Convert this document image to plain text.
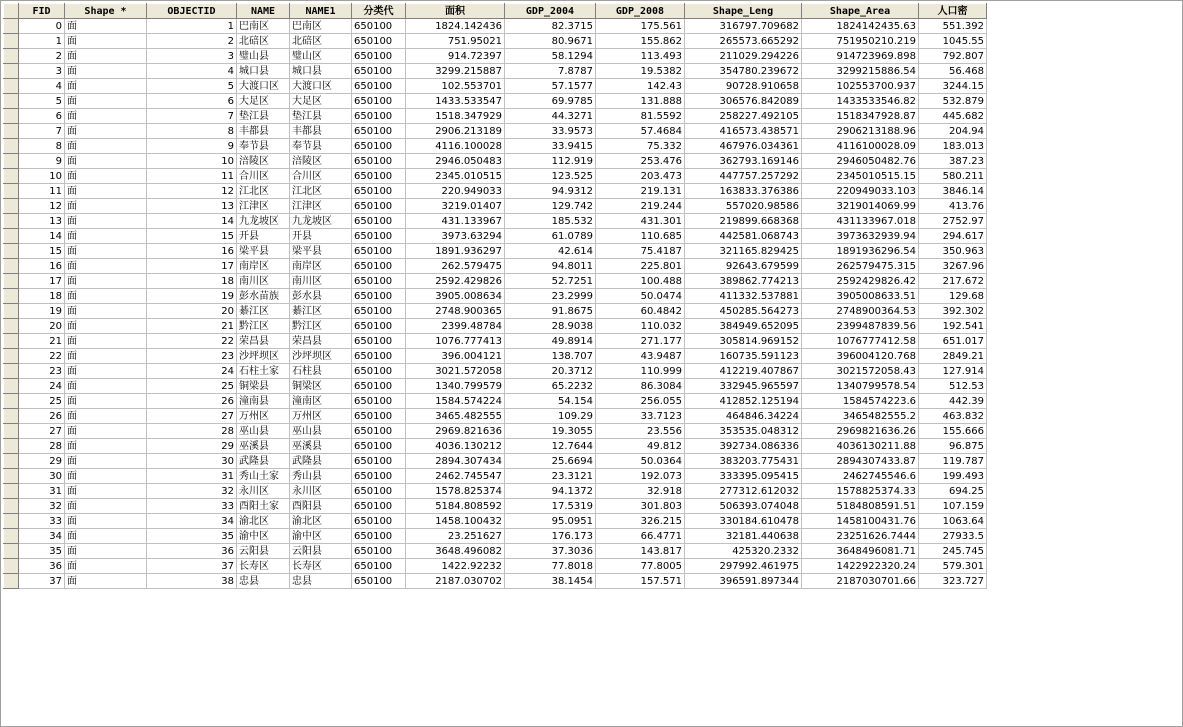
	FID	Shape *	OBJECTID	NAME	NAME1	分类代	面积	GDP_2004	GDP_2008	Shape_Leng	Shape_Area	人口密
	0	面	1	巴南区	巴南区	650100	1824.142436	82.3715	175.561	316797.709682	1824142435.63	551.392
	1	面	2	北碚区	北碚区	650100	751.95021	80.9671	155.862	265573.665292	751950210.219	1045.55
	2	面	3	璧山县	璧山区	650100	914.72397	58.1294	113.493	211029.294226	914723969.898	792.807
	3	面	4	城口县	城口县	650100	3299.215887	7.8787	19.5382	354780.239672	3299215886.54	56.468
	4	面	5	大渡口区	大渡口区	650100	102.553701	57.1577	142.43	90728.910658	102553700.937	3244.15
	5	面	6	大足区	大足区	650100	1433.533547	69.9785	131.888	306576.842089	1433533546.82	532.879
	6	面	7	垫江县	垫江县	650100	1518.347929	44.3271	81.5592	258227.492105	1518347928.87	445.682
	7	面	8	丰都县	丰都县	650100	2906.213189	33.9573	57.4684	416573.438571	2906213188.96	204.94
	8	面	9	奉节县	奉节县	650100	4116.100028	33.9415	75.332	467976.034361	4116100028.09	183.013
	9	面	10	涪陵区	涪陵区	650100	2946.050483	112.919	253.476	362793.169146	2946050482.76	387.23
	10	面	11	合川区	合川区	650100	2345.010515	123.525	203.473	447757.257292	2345010515.15	580.211
	11	面	12	江北区	江北区	650100	220.949033	94.9312	219.131	163833.376386	220949033.103	3846.14
	12	面	13	江津区	江津区	650100	3219.01407	129.742	219.244	557020.98586	3219014069.99	413.76
	13	面	14	九龙坡区	九龙坡区	650100	431.133967	185.532	431.301	219899.668368	431133967.018	2752.97
	14	面	15	开县	开县	650100	3973.63294	61.0789	110.685	442581.068743	3973632939.94	294.617
	15	面	16	梁平县	梁平县	650100	1891.936297	42.614	75.4187	321165.829425	1891936296.54	350.963
	16	面	17	南岸区	南岸区	650100	262.579475	94.8011	225.801	92643.679599	262579475.315	3267.96
	17	面	18	南川区	南川区	650100	2592.429826	52.7251	100.488	389862.774213	2592429826.42	217.672
	18	面	19	彭水苗族	彭水县	650100	3905.008634	23.2999	50.0474	411332.537881	3905008633.51	129.68
	19	面	20	綦江区	綦江区	650100	2748.900365	91.8675	60.4842	450285.564273	2748900364.53	392.302
	20	面	21	黔江区	黔江区	650100	2399.48784	28.9038	110.032	384949.652095	2399487839.56	192.541
	21	面	22	荣昌县	荣昌县	650100	1076.777413	49.8914	271.177	305814.969152	1076777412.58	651.017
	22	面	23	沙坪坝区	沙坪坝区	650100	396.004121	138.707	43.9487	160735.591123	396004120.768	2849.21
	23	面	24	石柱土家	石柱县	650100	3021.572058	20.3712	110.999	412219.407867	3021572058.43	127.914
	24	面	25	铜梁县	铜梁区	650100	1340.799579	65.2232	86.3084	332945.965597	1340799578.54	512.53
	25	面	26	潼南县	潼南区	650100	1584.574224	54.154	256.055	412852.125194	1584574223.6	442.39
	26	面	27	万州区	万州区	650100	3465.482555	109.29	33.7123	464846.34224	3465482555.2	463.832
	27	面	28	巫山县	巫山县	650100	2969.821636	19.3055	23.556	353535.048312	2969821636.26	155.666
	28	面	29	巫溪县	巫溪县	650100	4036.130212	12.7644	49.812	392734.086336	4036130211.88	96.875
	29	面	30	武隆县	武隆县	650100	2894.307434	25.6694	50.0364	383203.775431	2894307433.87	119.787
	30	面	31	秀山土家	秀山县	650100	2462.745547	23.3121	192.073	333395.095415	2462745546.6	199.493
	31	面	32	永川区	永川区	650100	1578.825374	94.1372	32.918	277312.612032	1578825374.33	694.25
	32	面	33	酉阳土家	酉阳县	650100	5184.808592	17.5319	301.803	506393.074048	5184808591.51	107.159
	33	面	34	渝北区	渝北区	650100	1458.100432	95.0951	326.215	330184.610478	1458100431.76	1063.64
	34	面	35	渝中区	渝中区	650100	23.251627	176.173	66.4771	32181.440638	23251626.7444	27933.5
	35	面	36	云阳县	云阳县	650100	3648.496082	37.3036	143.817	425320.2332	3648496081.71	245.745
	36	面	37	长寿区	长寿区	650100	1422.92232	77.8018	77.8005	297992.461975	1422922320.24	579.301
	37	面	38	忠县	忠县	650100	2187.030702	38.1454	157.571	396591.897344	2187030701.66	323.727
